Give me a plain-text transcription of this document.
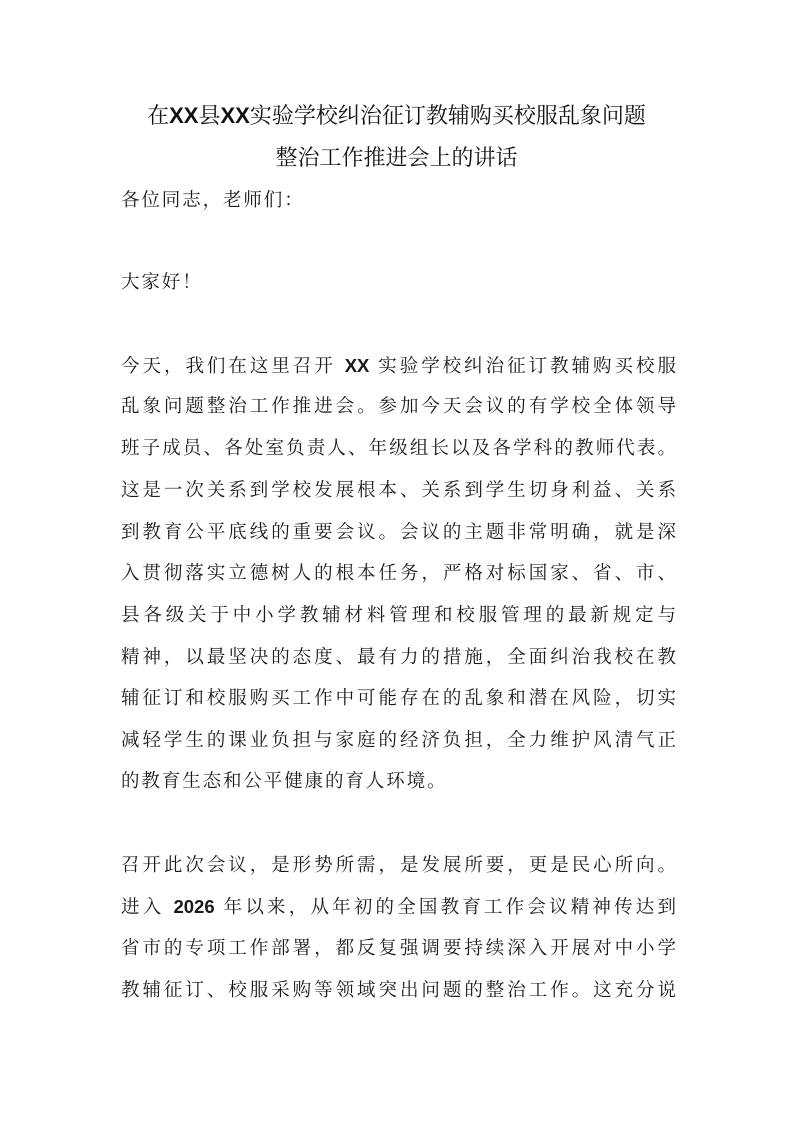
在XX县XX实验学校纠治征订教辅购买校服乱象问题
整治工作推进会上的讲话
各位同志，老师们：
大家好！
今天，我们在这里召开 XX 实验学校纠治征订教辅购买校服
乱象问题整治工作推进会。参加今天会议的有学校全体领导
班子成员、各处室负责人、年级组长以及各学科的教师代表。
这是一次关系到学校发展根本、关系到学生切身利益、关系
到教育公平底线的重要会议。会议的主题非常明确，就是深
入贯彻落实立德树人的根本任务，严格对标国家、省、市、
县各级关于中小学教辅材料管理和校服管理的最新规定与
精神，以最坚决的态度、最有力的措施，全面纠治我校在教
辅征订和校服购买工作中可能存在的乱象和潜在风险，切实
减轻学生的课业负担与家庭的经济负担，全力维护风清气正
的教育生态和公平健康的育人环境。
召开此次会议，是形势所需，是发展所要，更是民心所向。
进入 2026 年以来，从年初的全国教育工作会议精神传达到
省市的专项工作部署，都反复强调要持续深入开展对中小学
教辅征订、校服采购等领域突出问题的整治工作。这充分说
